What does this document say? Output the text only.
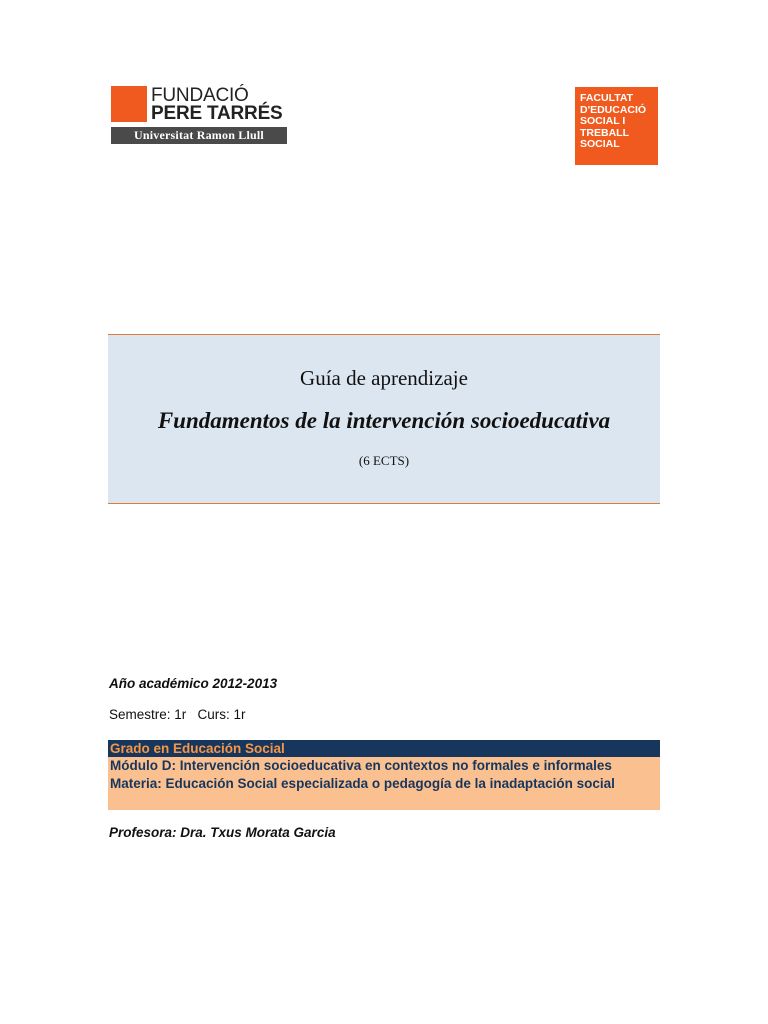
FUNDACIÓ
PERE TARRÉS
Universitat Ramon Llull
FACULTAT
D'EDUCACIÓ
SOCIAL I
TREBALL
SOCIAL
Guía de aprendizaje
Fundamentos de la intervención socioeducativa
(6 ECTS)
Año académico 2012-2013
Semestre: 1r   Curs: 1r
Grado en Educación Social
Módulo D: Intervención socioeducativa en contextos no formales e informales
Materia: Educación Social especializada o pedagogía de la inadaptación social
Profesora: Dra. Txus Morata Garcia
